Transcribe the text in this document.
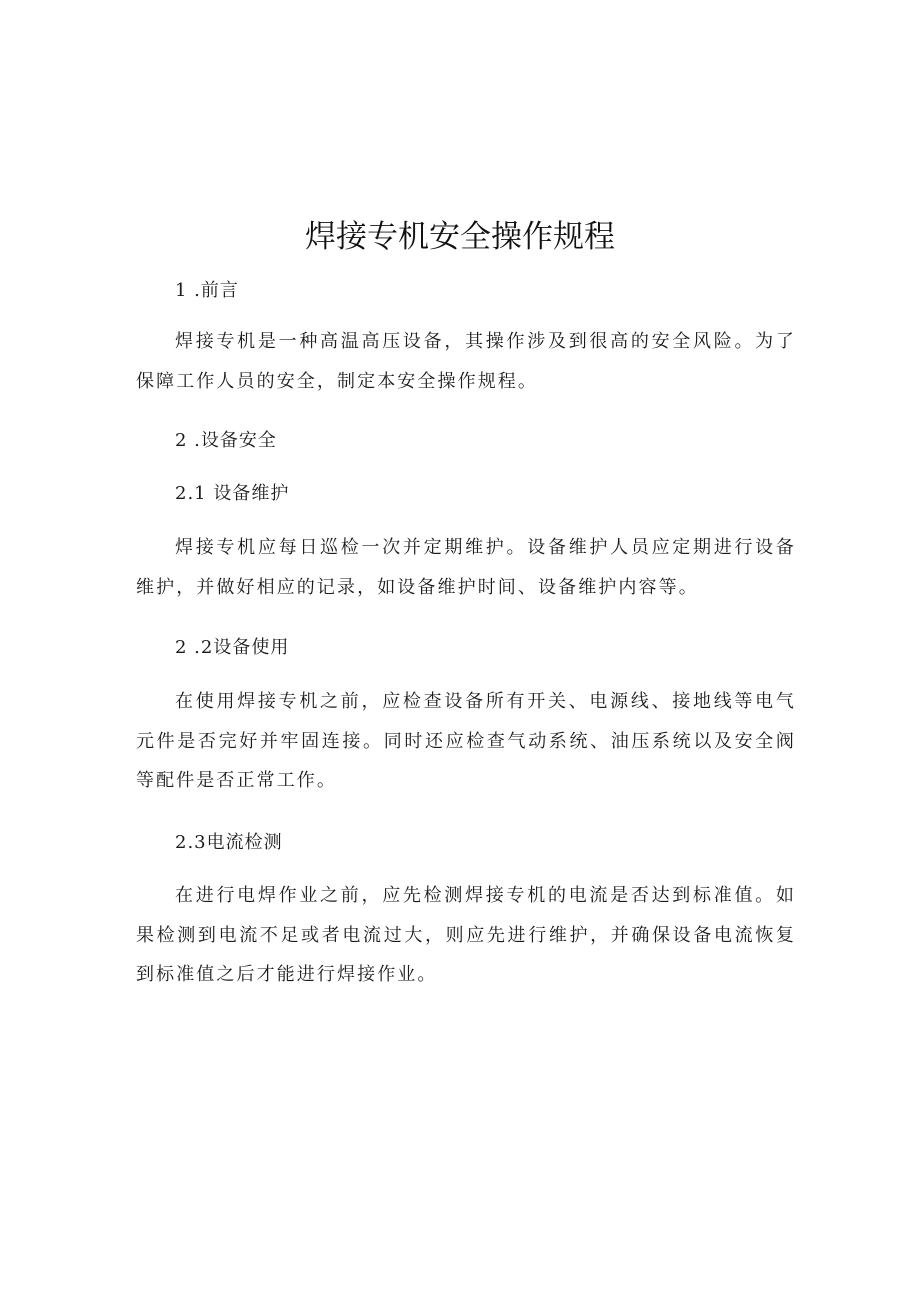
焊接专机安全操作规程
1 .前言

焊接专机是一种高温高压设备，其操作涉及到很高的安全风险。为了保障工作人员的安全，制定本安全操作规程。

2 .设备安全
2.1 设备维护

焊接专机应每日巡检一次并定期维护。设备维护人员应定期进行设备维护，并做好相应的记录，如设备维护时间、设备维护内容等。

2 .2设备使用

在使用焊接专机之前，应检查设备所有开关、电源线、接地线等电气元件是否完好并牢固连接。同时还应检查气动系统、油压系统以及安全阀等配件是否正常工作。

2.3电流检测

在进行电焊作业之前，应先检测焊接专机的电流是否达到标准值。如果检测到电流不足或者电流过大，则应先进行维护，并确保设备电流恢复到标准值之后才能进行焊接作业。
